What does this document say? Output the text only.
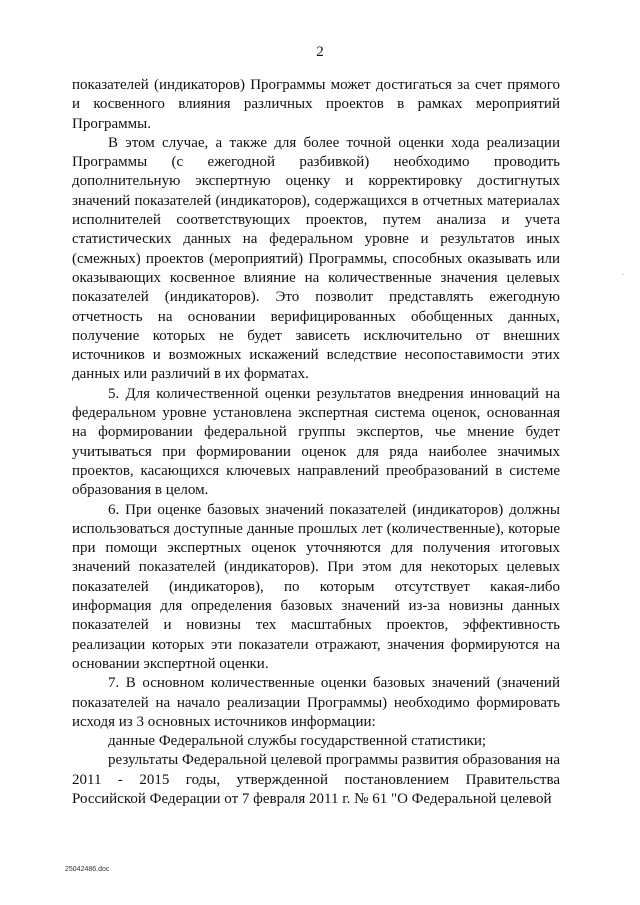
2

показателей (индикаторов) Программы может достигаться за счет прямого и косвенного влияния различных проектов в рамках мероприятий Программы.

В этом случае, а также для более точной оценки хода реализации Программы (с ежегодной разбивкой) необходимо проводить дополнительную экспертную оценку и корректировку достигнутых значений показателей (индикаторов), содержащихся в отчетных материалах исполнителей соответствующих проектов, путем анализа и учета статистических данных на федеральном уровне и результатов иных (смежных) проектов (мероприятий) Программы, способных оказывать или оказывающих косвенное влияние на количественные значения целевых показателей (индикаторов). Это позволит представлять ежегодную отчетность на основании верифицированных обобщенных данных, получение которых не будет зависеть исключительно от внешних источников и возможных искажений вследствие несопоставимости этих данных или различий в их форматах.

5. Для количественной оценки результатов внедрения инноваций на федеральном уровне установлена экспертная система оценок, основанная на формировании федеральной группы экспертов, чье мнение будет учитываться при формировании оценок для ряда наиболее значимых проектов, касающихся ключевых направлений преобразований в системе образования в целом.

6. При оценке базовых значений показателей (индикаторов) должны использоваться доступные данные прошлых лет (количественные), которые при помощи экспертных оценок уточняются для получения итоговых значений показателей (индикаторов). При этом для некоторых целевых показателей (индикаторов), по которым отсутствует какая-либо информация для определения базовых значений из-за новизны данных показателей и новизны тех масштабных проектов, эффективность реализации которых эти показатели отражают, значения формируются на основании экспертной оценки.

7. В основном количественные оценки базовых значений (значений показателей на начало реализации Программы) необходимо формировать исходя из 3 основных источников информации:

данные Федеральной службы государственной статистики;

результаты Федеральной целевой программы развития образования на 2011 - 2015 годы, утвержденной постановлением Правительства Российской Федерации от 7 февраля 2011 г. № 61 "О Федеральной целевой

.
25042486.doc
